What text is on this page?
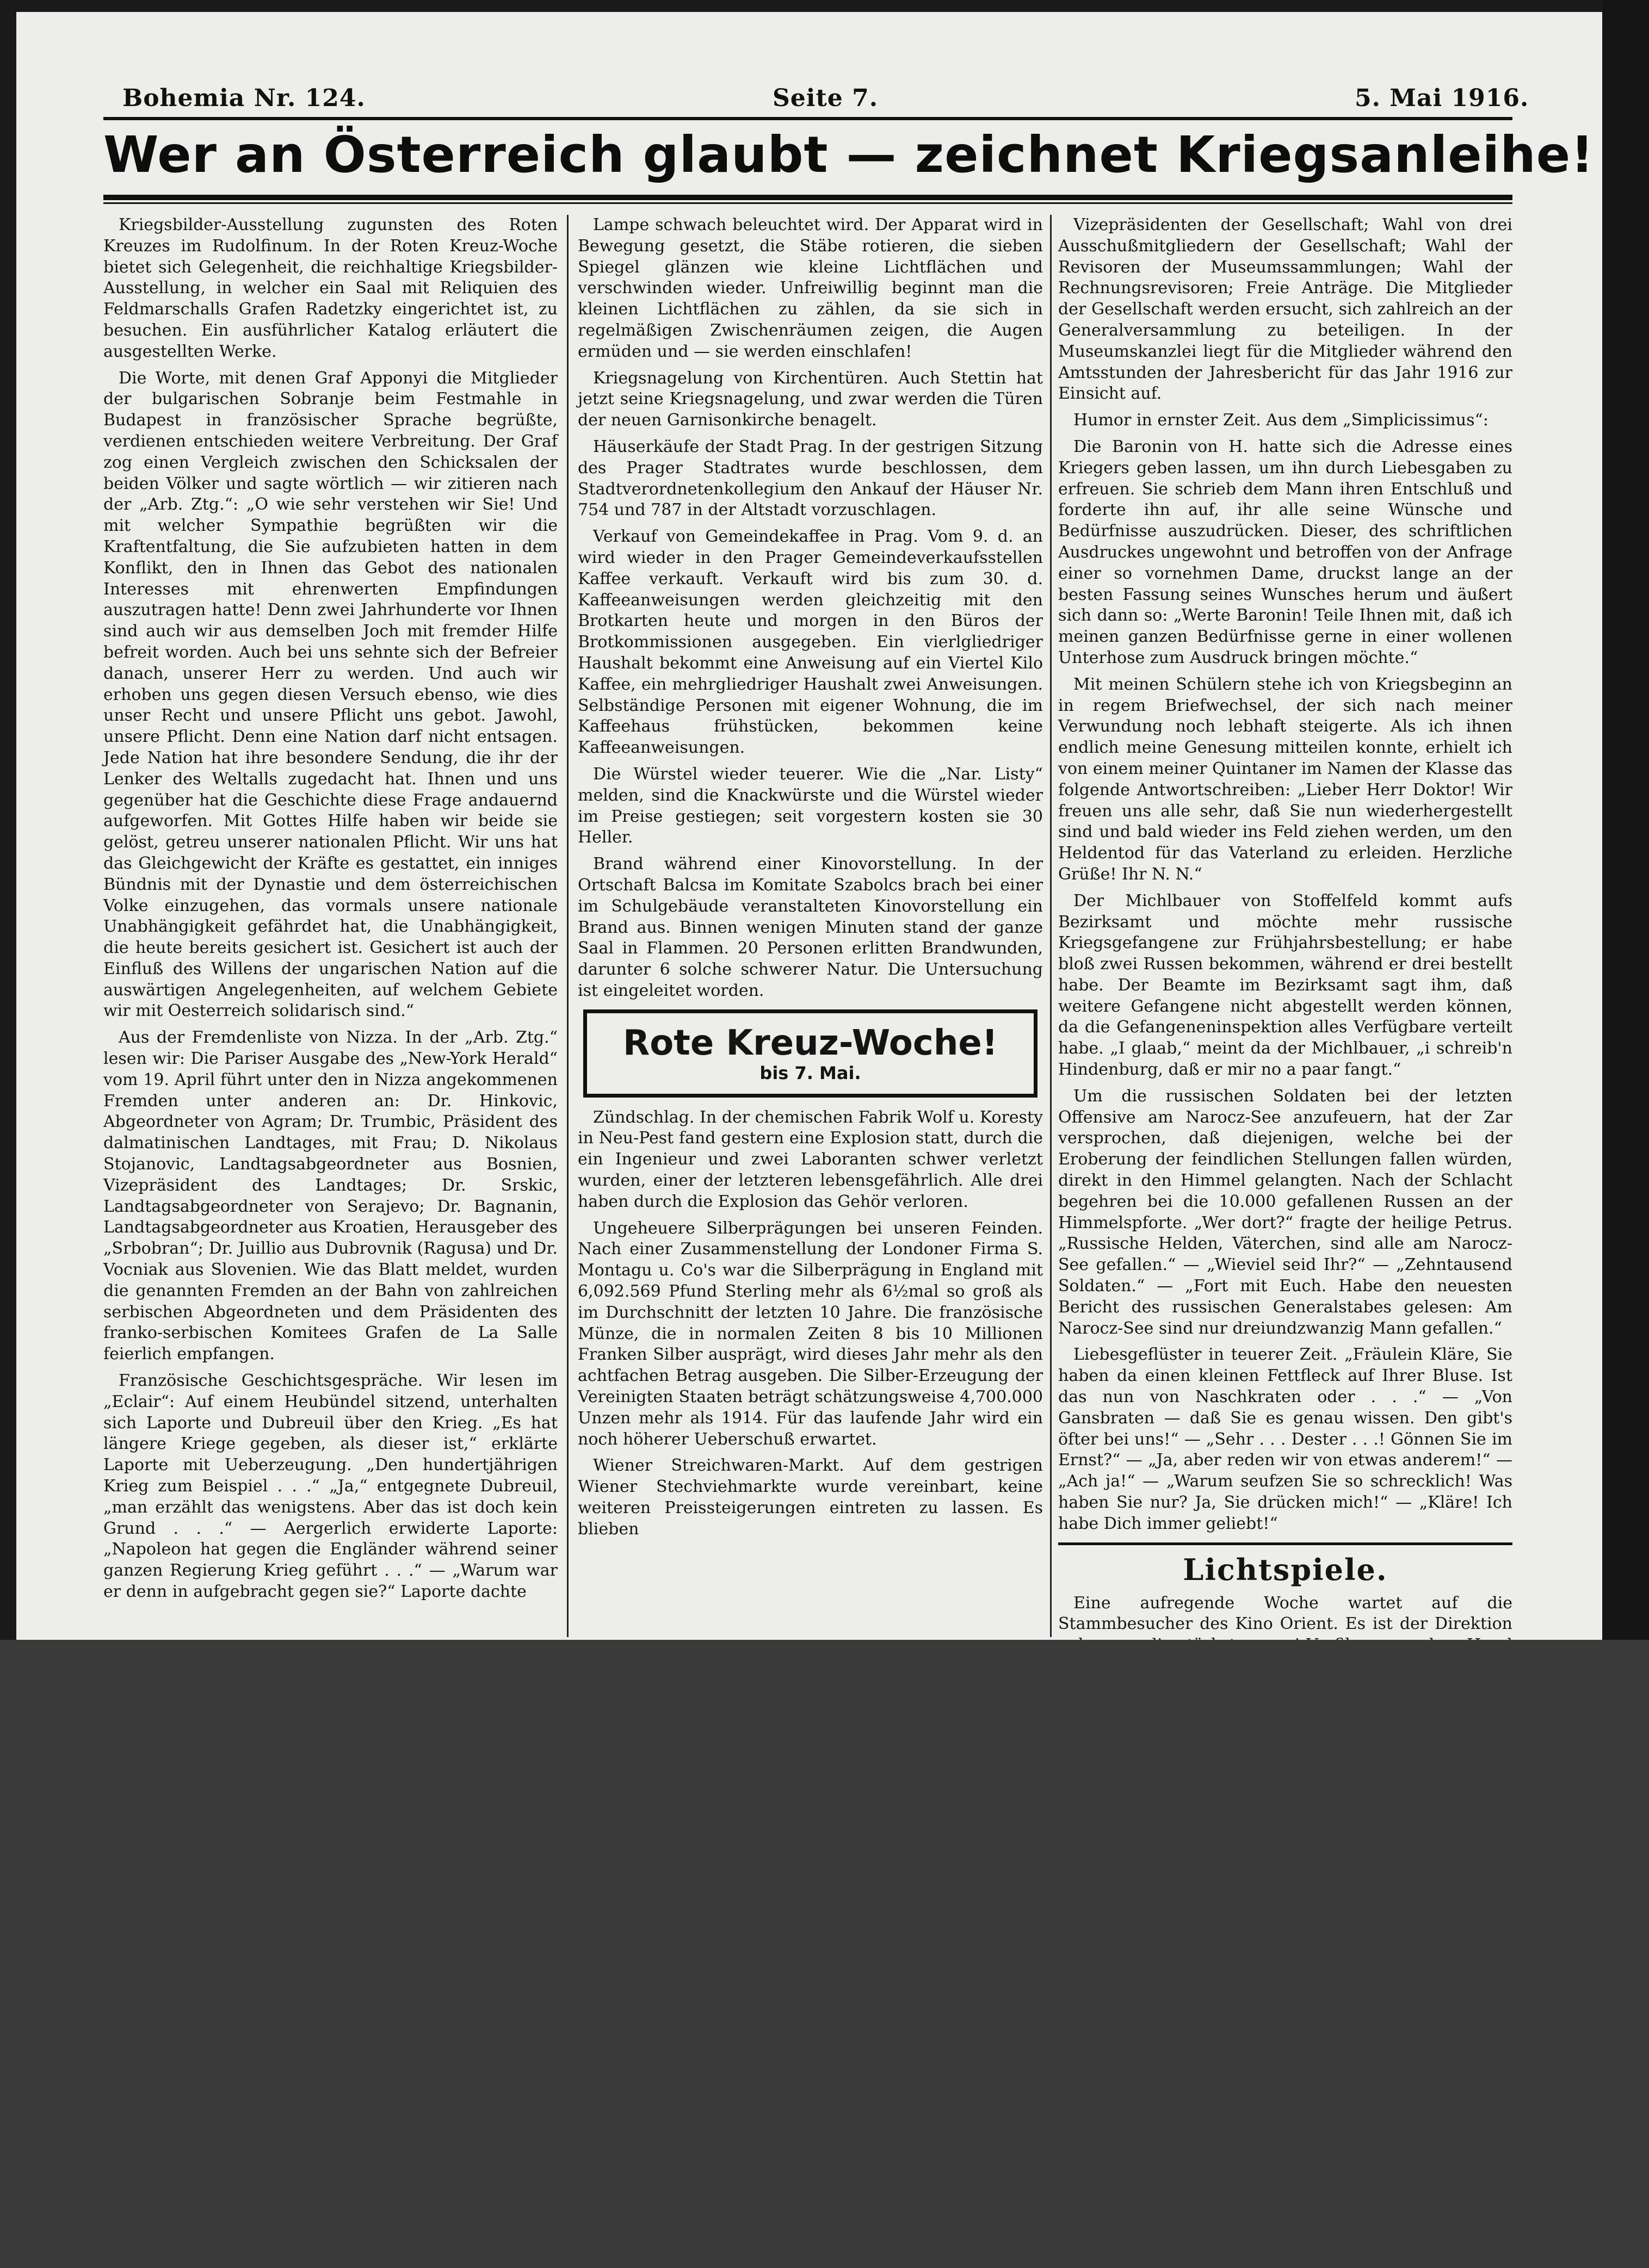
Bohemia Nr. 124.	Seite 7.	5. Mai 1916.
Wer an Österreich glaubt — zeichnet Kriegsanleihe!

Kriegsbilder-Ausstellung zugunsten des Roten Kreuzes im Rudolfinum. In der Roten Kreuz-Woche bietet sich Gelegenheit, die reichhaltige Kriegsbilder-Ausstellung, in welcher ein Saal mit Reliquien des Feldmarschalls Grafen Radetzky eingerichtet ist, zu besuchen. Ein ausführlicher Katalog erläutert die ausgestellten Werke.

Die Worte, mit denen Graf Apponyi die Mitglieder der bulgarischen Sobranje beim Festmahle in Budapest in französischer Sprache begrüßte, verdienen entschieden weitere Verbreitung. Der Graf zog einen Vergleich zwischen den Schicksalen der beiden Völker und sagte wörtlich — wir zitieren nach der „Arb. Ztg.“: „O wie sehr verstehen wir Sie! Und mit welcher Sympathie begrüßten wir die Kraftentfaltung, die Sie aufzubieten hatten in dem Konflikt, den in Ihnen das Gebot des nationalen Interesses mit ehrenwerten Empfindungen auszutragen hatte! Denn zwei Jahrhunderte vor Ihnen sind auch wir aus demselben Joch mit fremder Hilfe befreit worden. Auch bei uns sehnte sich der Befreier danach, unserer Herr zu werden. Und auch wir erhoben uns gegen diesen Versuch ebenso, wie dies unser Recht und unsere Pflicht uns gebot. Jawohl, unsere Pflicht. Denn eine Nation darf nicht entsagen. Jede Nation hat ihre besondere Sendung, die ihr der Lenker des Weltalls zugedacht hat. Ihnen und uns gegenüber hat die Geschichte diese Frage andauernd aufgeworfen. Mit Gottes Hilfe haben wir beide sie gelöst, getreu unserer nationalen Pflicht. Wir uns hat das Gleichgewicht der Kräfte es gestattet, ein inniges Bündnis mit der Dynastie und dem österreichischen Volke einzugehen, das vormals unsere nationale Unabhängigkeit gefährdet hat, die Unabhängigkeit, die heute bereits gesichert ist. Gesichert ist auch der Einfluß des Willens der ungarischen Nation auf die auswärtigen Angelegenheiten, auf welchem Gebiete wir mit Oesterreich solidarisch sind.“

Aus der Fremdenliste von Nizza. In der „Arb. Ztg.“ lesen wir: Die Pariser Ausgabe des „New-York Herald“ vom 19. April führt unter den in Nizza angekommenen Fremden unter anderen an: Dr. Hinkovic, Abgeordneter von Agram; Dr. Trumbic, Präsident des dalmatinischen Landtages, mit Frau; D. Nikolaus Stojanovic, Landtagsabgeordneter aus Bosnien, Vizepräsident des Landtages; Dr. Srskic, Landtagsabgeordneter von Serajevo; Dr. Bagnanin, Landtagsabgeordneter aus Kroatien, Herausgeber des „Srbobran“; Dr. Juillio aus Dubrovnik (Ragusa) und Dr. Vocniak aus Slovenien. Wie das Blatt meldet, wurden die genannten Fremden an der Bahn von zahlreichen serbischen Abgeordneten und dem Präsidenten des franko-serbischen Komitees Grafen de La Salle feierlich empfangen.

Französische Geschichtsgespräche. Wir lesen im „Eclair“: Auf einem Heubündel sitzend, unterhalten sich Laporte und Dubreuil über den Krieg. „Es hat längere Kriege gegeben, als dieser ist,“ erklärte Laporte mit Ueberzeugung. „Den hundertjährigen Krieg zum Beispiel . . .“ „Ja,“ entgegnete Dubreuil, „man erzählt das wenigstens. Aber das ist doch kein Grund . . .“ — Aergerlich erwiderte Laporte: „Napoleon hat gegen die Engländer während seiner ganzen Regierung Krieg geführt . . .“ — „Warum war er denn in aufgebracht gegen sie?“ Laporte dachte

Lampe schwach beleuchtet wird. Der Apparat wird in Bewegung gesetzt, die Stäbe rotieren, die sieben Spiegel glänzen wie kleine Lichtflächen und verschwinden wieder. Unfreiwillig beginnt man die kleinen Lichtflächen zu zählen, da sie sich in regelmäßigen Zwischenräumen zeigen, die Augen ermüden und — sie werden einschlafen!

Kriegsnagelung von Kirchentüren. Auch Stettin hat jetzt seine Kriegsnagelung, und zwar werden die Türen der neuen Garnisonkirche benagelt.

Häuserkäufe der Stadt Prag. In der gestrigen Sitzung des Prager Stadtrates wurde beschlossen, dem Stadtverordnetenkollegium den Ankauf der Häuser Nr. 754 und 787 in der Altstadt vorzuschlagen.

Verkauf von Gemeindekaffee in Prag. Vom 9. d. an wird wieder in den Prager Gemeindeverkaufsstellen Kaffee verkauft. Verkauft wird bis zum 30. d. Kaffeeanweisungen werden gleichzeitig mit den Brotkarten heute und morgen in den Büros der Brotkommissionen ausgegeben. Ein vierlgliedriger Haushalt bekommt eine Anweisung auf ein Viertel Kilo Kaffee, ein mehrgliedriger Haushalt zwei Anweisungen. Selbständige Personen mit eigener Wohnung, die im Kaffeehaus frühstücken, bekommen keine Kaffeeanweisungen.

Die Würstel wieder teuerer. Wie die „Nar. Listy“ melden, sind die Knackwürste und die Würstel wieder im Preise gestiegen; seit vorgestern kosten sie 30 Heller.

Brand während einer Kinovorstellung. In der Ortschaft Balcsa im Komitate Szabolcs brach bei einer im Schulgebäude veranstalteten Kinovorstellung ein Brand aus. Binnen wenigen Minuten stand der ganze Saal in Flammen. 20 Personen erlitten Brandwunden, darunter 6 solche schwerer Natur. Die Untersuchung ist eingeleitet worden.

Rote Kreuz-Woche!
bis 7. Mai.

Zündschlag. In der chemischen Fabrik Wolf u. Koresty in Neu-Pest fand gestern eine Explosion statt, durch die ein Ingenieur und zwei Laboranten schwer verletzt wurden, einer der letzteren lebensgefährlich. Alle drei haben durch die Explosion das Gehör verloren.

Ungeheuere Silberprägungen bei unseren Feinden. Nach einer Zusammenstellung der Londoner Firma S. Montagu u. Co's war die Silberprägung in England mit 6,092.569 Pfund Sterling mehr als 6½mal so groß als im Durchschnitt der letzten 10 Jahre. Die französische Münze, die in normalen Zeiten 8 bis 10 Millionen Franken Silber ausprägt, wird dieses Jahr mehr als den achtfachen Betrag ausgeben. Die Silber-Erzeugung der Vereinigten Staaten beträgt schätzungsweise 4,700.000 Unzen mehr als 1914. Für das laufende Jahr wird ein noch höherer Ueberschuß erwartet.

Wiener Streichwaren-Markt. Auf dem gestrigen Wiener Stechviehmarkte wurde vereinbart, keine weiteren Preissteigerungen eintreten zu lassen. Es blieben

Vizepräsidenten der Gesellschaft; Wahl von drei Ausschußmitgliedern der Gesellschaft; Wahl der Revisoren der Museumssammlungen; Wahl der Rechnungsrevisoren; Freie Anträge. Die Mitglieder der Gesellschaft werden ersucht, sich zahlreich an der Generalversammlung zu beteiligen. In der Museumskanzlei liegt für die Mitglieder während den Amtsstunden der Jahresbericht für das Jahr 1916 zur Einsicht auf.

Humor in ernster Zeit. Aus dem „Simplicissimus“:

Die Baronin von H. hatte sich die Adresse eines Kriegers geben lassen, um ihn durch Liebesgaben zu erfreuen. Sie schrieb dem Mann ihren Entschluß und forderte ihn auf, ihr alle seine Wünsche und Bedürfnisse auszudrücken. Dieser, des schriftlichen Ausdruckes ungewohnt und betroffen von der Anfrage einer so vornehmen Dame, druckst lange an der besten Fassung seines Wunsches herum und äußert sich dann so: „Werte Baronin! Teile Ihnen mit, daß ich meinen ganzen Bedürfnisse gerne in einer wollenen Unterhose zum Ausdruck bringen möchte.“

Mit meinen Schülern stehe ich von Kriegsbeginn an in regem Briefwechsel, der sich nach meiner Verwundung noch lebhaft steigerte. Als ich ihnen endlich meine Genesung mitteilen konnte, erhielt ich von einem meiner Quintaner im Namen der Klasse das folgende Antwortschreiben: „Lieber Herr Doktor! Wir freuen uns alle sehr, daß Sie nun wiederhergestellt sind und bald wieder ins Feld ziehen werden, um den Heldentod für das Vaterland zu erleiden. Herzliche Grüße! Ihr N. N.“

Der Michlbauer von Stoffelfeld kommt aufs Bezirksamt und möchte mehr russische Kriegsgefangene zur Frühjahrsbestellung; er habe bloß zwei Russen bekommen, während er drei bestellt habe. Der Beamte im Bezirksamt sagt ihm, daß weitere Gefangene nicht abgestellt werden können, da die Gefangeneninspektion alles Verfügbare verteilt habe. „I glaab,“ meint da der Michlbauer, „i schreib'n Hindenburg, daß er mir no a paar fangt.“

Um die russischen Soldaten bei der letzten Offensive am Narocz-See anzufeuern, hat der Zar versprochen, daß diejenigen, welche bei der Eroberung der feindlichen Stellungen fallen würden, direkt in den Himmel gelangten. Nach der Schlacht begehren bei die 10.000 gefallenen Russen an der Himmelspforte. „Wer dort?“ fragte der heilige Petrus. „Russische Helden, Väterchen, sind alle am Narocz-See gefallen.“ — „Wieviel seid Ihr?“ — „Zehntausend Soldaten.“ — „Fort mit Euch. Habe den neuesten Bericht des russischen Generalstabes gelesen: Am Narocz-See sind nur dreiundzwanzig Mann gefallen.“

Liebesgeflüster in teuerer Zeit. „Fräulein Kläre, Sie haben da einen kleinen Fettfleck auf Ihrer Bluse. Ist das nun von Naschkraten oder . . .“ — „Von Gansbraten — daß Sie es genau wissen. Den gibt's öfter bei uns!“ — „Sehr . . . Dester . . .! Gönnen Sie im Ernst?“ — „Ja, aber reden wir von etwas anderem!“ — „Ach ja!“ — „Warum seufzen Sie so schrecklich! Was haben Sie nur? Ja, Sie drücken mich!“ — „Kläre! Ich habe Dich immer geliebt!“

Lichtspiele.

Eine aufregende Woche wartet auf die Stammbesucher des Kino Orient. Es ist der Direktion
